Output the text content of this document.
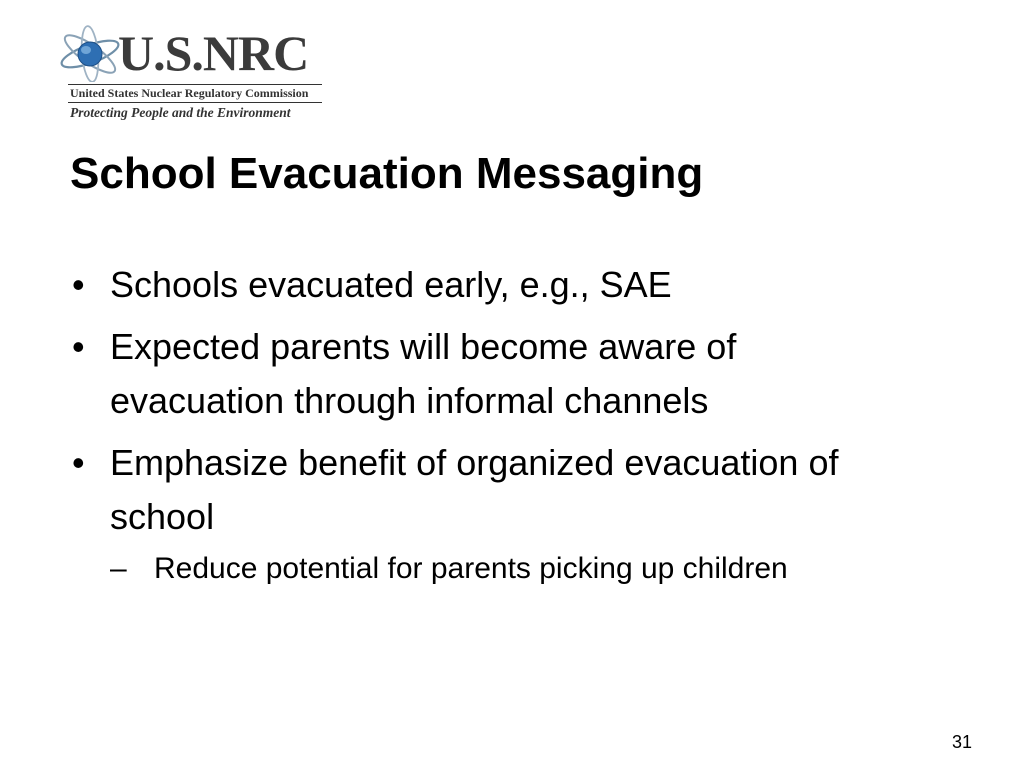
U.S.NRC
United States Nuclear Regulatory Commission
Protecting People and the Environment
School Evacuation Messaging
• Schools evacuated early, e.g., SAE
• Expected parents will become aware of evacuation through informal channels
• Emphasize benefit of organized evacuation of school
– Reduce potential for parents picking up children
31
